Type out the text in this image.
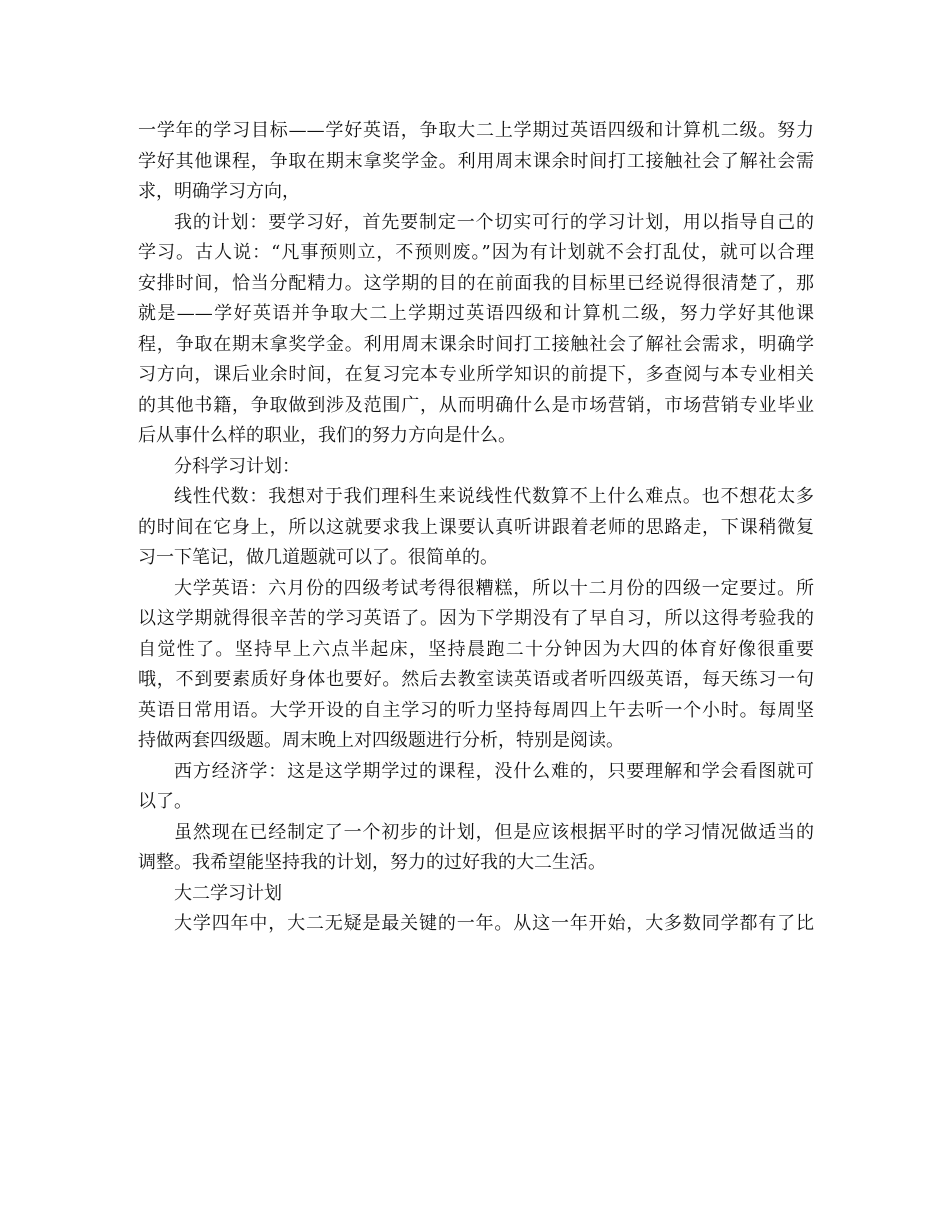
一学年的学习目标——学好英语，争取大二上学期过英语四级和计算机二级。努力
学好其他课程，争取在期末拿奖学金。利用周末课余时间打工接触社会了解社会需
求，明确学习方向，
我的计划：要学习好，首先要制定一个切实可行的学习计划，用以指导自己的
学习。古人说：“凡事预则立，不预则废。”因为有计划就不会打乱仗，就可以合理
安排时间，恰当分配精力。这学期的目的在前面我的目标里已经说得很清楚了，那
就是——学好英语并争取大二上学期过英语四级和计算机二级，努力学好其他课
程，争取在期末拿奖学金。利用周末课余时间打工接触社会了解社会需求，明确学
习方向，课后业余时间，在复习完本专业所学知识的前提下，多查阅与本专业相关
的其他书籍，争取做到涉及范围广，从而明确什么是市场营销，市场营销专业毕业
后从事什么样的职业，我们的努力方向是什么。
分科学习计划：
线性代数：我想对于我们理科生来说线性代数算不上什么难点。也不想花太多
的时间在它身上，所以这就要求我上课要认真听讲跟着老师的思路走，下课稍微复
习一下笔记，做几道题就可以了。很简单的。
大学英语：六月份的四级考试考得很糟糕，所以十二月份的四级一定要过。所
以这学期就得很辛苦的学习英语了。因为下学期没有了早自习，所以这得考验我的
自觉性了。坚持早上六点半起床，坚持晨跑二十分钟因为大四的体育好像很重要
哦，不到要素质好身体也要好。然后去教室读英语或者听四级英语，每天练习一句
英语日常用语。大学开设的自主学习的听力坚持每周四上午去听一个小时。每周坚
持做两套四级题。周末晚上对四级题进行分析，特别是阅读。
西方经济学：这是这学期学过的课程，没什么难的，只要理解和学会看图就可
以了。
虽然现在已经制定了一个初步的计划，但是应该根据平时的学习情况做适当的
调整。我希望能坚持我的计划，努力的过好我的大二生活。
大二学习计划
大学四年中，大二无疑是最关键的一年。从这一年开始，大多数同学都有了比
